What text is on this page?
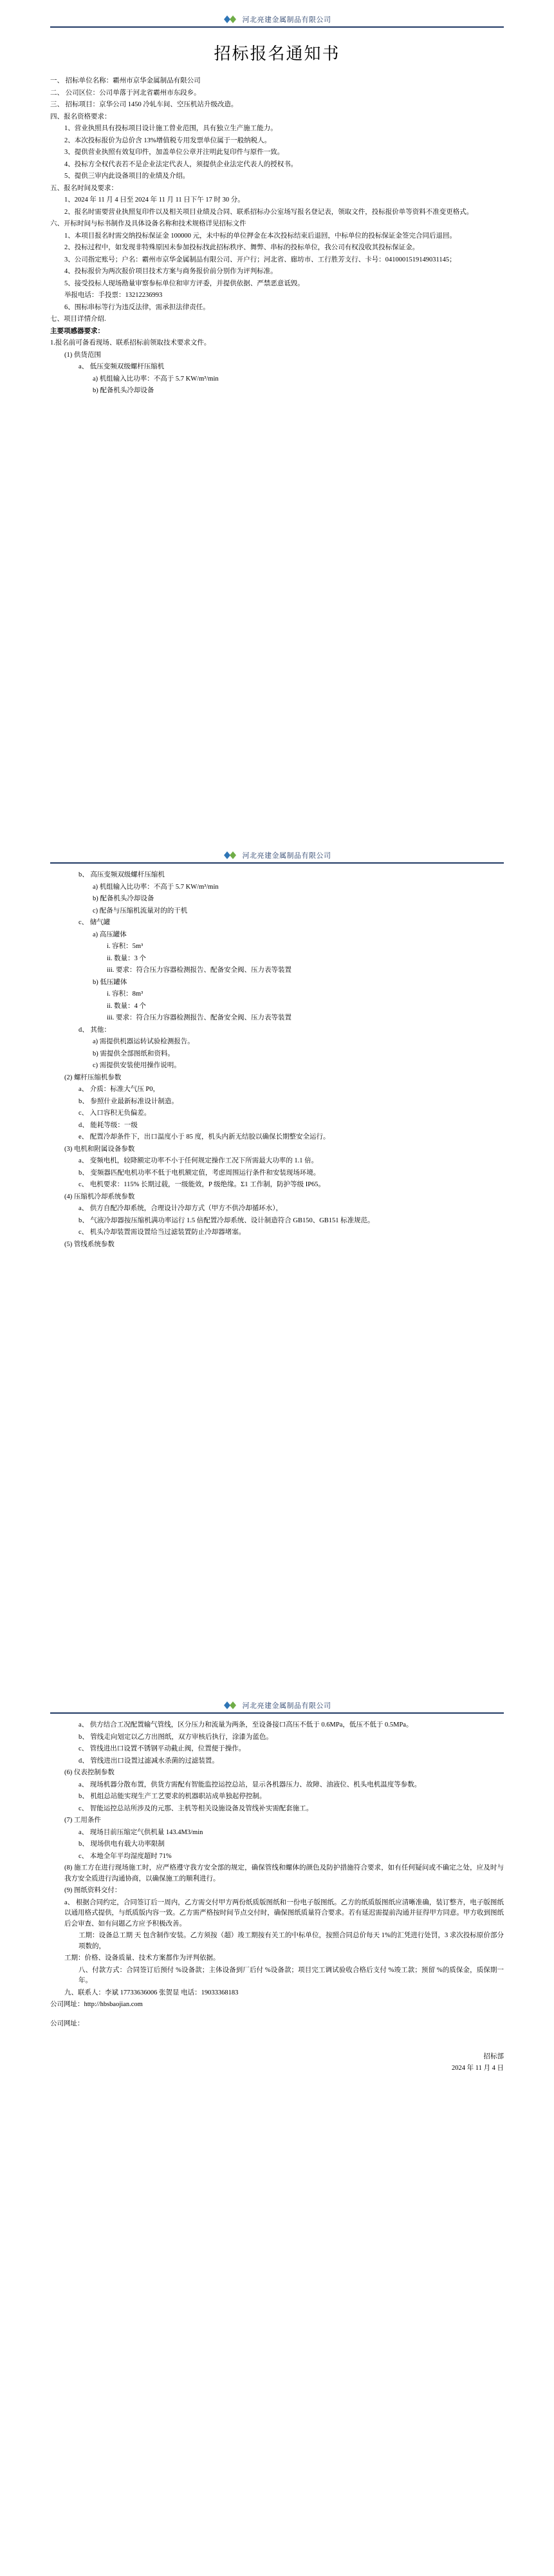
河北亮建金属制品有限公司
招标报名通知书

一、 招标单位名称：霸州市京华金属制品有限公司

二、 公司区位：公司单落于河北省霸州市东段乡。

三、 招标项目：京华公司 1450 冷轧车间、空压机站升级改造。

四、报名资格要求：

1、营业执照具有投标项目设计施工曾业范围，具有独立生产施工能力。

2、本次投标报价为总价含 13%增值税专用发票单位属于一般纳税人。

3、提供营业执照有效复印件，加盖单位公章并注明此复印件与原件一致。

4、投标方全权代表若不是企业法定代表人，须提供企业法定代表人的授权书。

5、提供三审内此设备项目的业绩及介绍。

五、报名时间及要求：

1、2024 年 11 月 4 日至 2024 年 11 月 11 日下午 17 时 30 分。

2、报名时需要营业执照复印件以及相关项目业绩及合同、联系招标办公室场写报名登记表，领取文件，投标报价单等资料不准变更格式。

六、开标时间与标书制作及具体设备名称和技术规格详见招标文件

1、本项目报名时需交纳投标保证金 100000 元，未中标的单位押金在本次投标结束后退回，中标单位的投标保证金签完合同后退回。

2、投标过程中，如发现非特殊原因未参加投标找此招标秩序、舞弊、串标的投标单位，我公司有权没收其投标保证金。

3、公司指定账号；户名：霸州市京华金属制品有限公司、开户行；河北省、廊坊市、工行胜芳支行、卡号：0410001519149031145；

4、投标报价为两次报价项目技术方案与商务报价前分别作为评判标准。

5、接受投标人现场勘量审察参标单位和审方评委，并提供依据、严禁恶意诋毁。

举报电话：手投票：13212236993

6、围标串标等行为违反法律，需承担法律责任。

七、项目详情介绍.

主要项感器要求：

1.报名前可备看现场、联系招标前领取技术要求文件。

(1) 供货范围

a、 低压变频双级螺杆压缩机

a) 机组输入比功率：不高于 5.7 KW/m³/min

b) 配备机头冷却设备

河北亮建金属制品有限公司

b、 高压变频双级螺杆压缩机

a) 机组输入比功率：不高于 5.7 KW/m³/min

b) 配备机头冷却设备

c) 配备与压缩机流量对的的干机

c、 储气罐

a) 高压罐体

i. 容积：5m³

ii. 数量：3 个

iii. 要求：符合压力容器检测报告、配备安全阀、压力表等装置

b) 低压罐体

i. 容积：8m³

ii. 数量：4 个

iii. 要求：符合压力容器检测报告、配备安全阀、压力表等装置

d、 其他：

a) 需提供机器运转试验检测报告。

b) 需提供全部图纸和资料。

c) 需提供安装使用操作说明。

(2) 螺杆压缩机参数

a、 介质：标准大气压 P0，

b、 参照什业最新标准设计制造。

c、 入口容积无负偏差。

d、 能耗等级：一级

e、 配置冷却条件下，出口温度小于 85 度，机头内新无结胶以确保长期整安全运行。

(3) 电机和附属设备参数

a、 变频电机，较降额定功率不小于任何规定操作工况下所需最大功率的 1.1 倍。

b、 变频器匹配电机功率不低于电机额定值，考虑周围运行条件和安装现场环境。

c、 电机要求：115% 长期过载，一级能效，P 级绝缘。Σ1 工作制，防护等级 IP65。

(4) 压缩机冷却系统参数

a、 供方自配冷却系统，合理设计冷却方式（甲方不供冷却循环水），

b、 气液冷却器按压缩机满功率运行 1.5 倍配置冷却系统、设计制造符合 GB150、GB151 标准规范。

c、 机头冷却装置需设置给当过滤装置防止冷却器堵塞。

(5) 管线系统参数

河北亮建金属制品有限公司

a、 供方结合工况配置输气管线，区分压力和流量为两条，至设备接口高压不低于 0.6MPa，低压不低于 0.5MPa。

b、 管线走向划定以乙方出图纸，双方审核后执行，涂漆为蓝色。

c、 管线进出口设置不锈钢平动截止阀，位置便于操作。

d、 管线进出口设置过滤减水杀菌的过滤装置。

(6) 仪表控制参数

a、 现场机器分散布置，供货方需配有智能监控运控总站，显示各机器压力、故障、油液位、机头电机温度等参数。

b、 机组总站能实现生产工艺要求的机器职站成单独起停控制。

c、 智能运控总站所涉及的元那、主机等相关设施设备及管线补实需配套施工。

(7) 工用条件

a、 现场目前压缩定气供机量 143.4M3/min

b、 现场供电有载大功率限制

c、 本地全年平均湿度超时 71%

(8) 施工方在进行现场施工时，应严格遵守我方安全部的规定，确保管线和螺体的颜色及防护措施符合要求，如有任何疑问或不确定之处，应及时与我方安全质进行沟通协商，以确保施工的顺利进行。

(9) 图纸资料交付：

a、 根据合同约定，合同签订后一周内，乙方需交付甲方两份纸质版图纸和一份电子版图纸。乙方的纸质版图纸应清晰准确，装订整齐，电子版图纸以通用格式提供，与纸质版内容一致。乙方需严格按时间节点交付时，确保图纸质量符合要求。若有延迟需提前沟通并征得甲方同意。甲方收到图纸后会审查、如有问题乙方应予积极改善。

工期：设备总工期 天 包含制作安装。乙方须按（超）竣工期按有关工的中标单位，按照合同总价每天 1%的汇凭进行处罚，3 求次投标原价部分项数的，

工期：价格、设备质量、技术方案都作为评判依据。

八、付款方式：合同签订后预付 %设备款；主体设备到厂后付 %设备款；项目完工调试验收合格后支付 %竣工款；预留 %的质保金，质保期一年。

九、联系人：李斌 17733636006 张贺显 电话：19033368183

公司网址：http://hbsbaojian.com

公司网址：

招标部
2024 年 11 月 4 日
